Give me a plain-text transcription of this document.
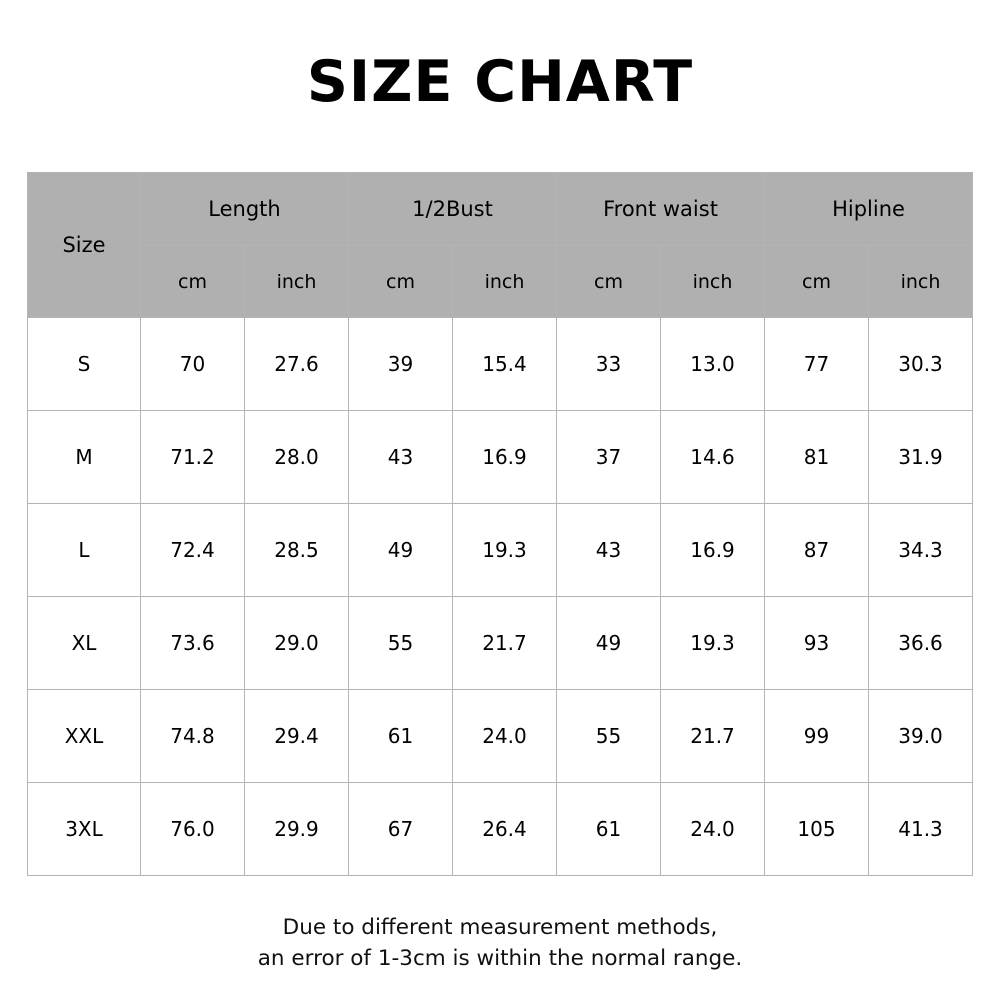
SIZE CHART
Size	Length		1/2Bust		Front waist		Hipline	
	cm	inch	cm	inch	cm	inch	cm	inch
S	70	27.6	39	15.4	33	13.0	77	30.3
M	71.2	28.0	43	16.9	37	14.6	81	31.9
L	72.4	28.5	49	19.3	43	16.9	87	34.3
XL	73.6	29.0	55	21.7	49	19.3	93	36.6
XXL	74.8	29.4	61	24.0	55	21.7	99	39.0
3XL	76.0	29.9	67	26.4	61	24.0	105	41.3
Due to different measurement methods,
an error of 1-3cm is within the normal range.
